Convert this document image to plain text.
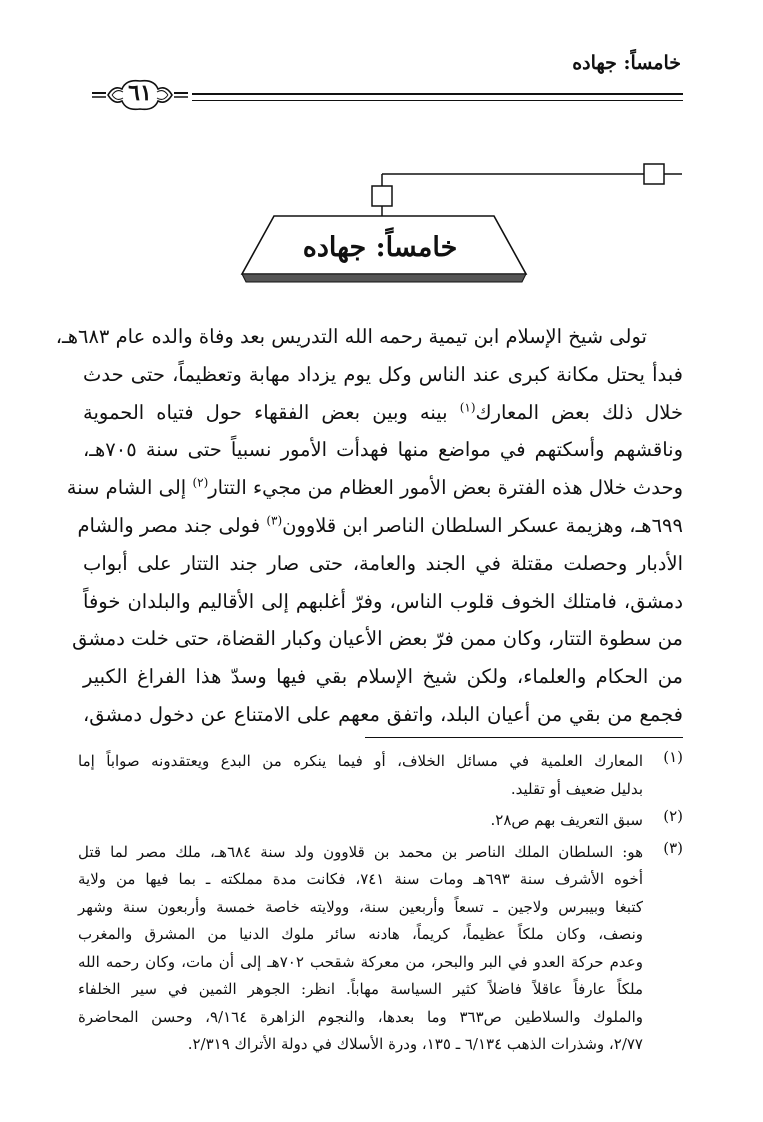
خامساً: جهاده
٦١
خامساً: جهاده
تولى شيخ الإسلام ابن تيمية رحمه الله التدريس بعد وفاة والده عام ٦٨٣هـ،
فبدأ يحتل مكانة كبرى عند الناس وكل يوم يزداد مهابة وتعظيماً، حتى حدث
خلال ذلك بعض المعارك$^{(١)}$ بينه وبين بعض الفقهاء حول فتياه الحموية
وناقشهم وأسكتهم في مواضع منها فهدأت الأمور نسبياً حتى سنة ٧٠٥هـ،
وحدث خلال هذه الفترة بعض الأمور العظام من مجيء التتار$^{(٢)}$ إلى الشام سنة
٦٩٩هـ، وهزيمة عسكر السلطان الناصر ابن قلاوون$^{(٣)}$ فولى جند مصر والشام
الأدبار وحصلت مقتلة في الجند والعامة، حتى صار جند التتار على أبواب
دمشق، فامتلك الخوف قلوب الناس، وفرّ أغلبهم إلى الأقاليم والبلدان خوفاً
من سطوة التتار، وكان ممن فرّ بعض الأعيان وكبار القضاة، حتى خلت دمشق
من الحكام والعلماء، ولكن شيخ الإسلام بقي فيها وسدّ هذا الفراغ الكبير
فجمع من بقي من أعيان البلد، واتفق معهم على الامتناع عن دخول دمشق،
(١)
المعارك العلمية في مسائل الخلاف، أو فيما ينكره من البدع ويعتقدونه صواباً إما
بدليل ضعيف أو تقليد.
(٢)
سبق التعريف بهم ص٢٨.
(٣)
هو: السلطان الملك الناصر بن محمد بن قلاوون ولد سنة ٦٨٤هـ، ملك مصر لما قتل
أخوه الأشرف سنة ٦٩٣هـ ومات سنة ٧٤١، فكانت مدة مملكته ـ بما فيها من ولاية
كتبغا وبيبرس ولاجين ـ تسعاً وأربعين سنة، وولايته خاصة خمسة وأربعون سنة وشهر
ونصف، وكان ملكاً عظيماً، كريماً، هادنه سائر ملوك الدنيا من المشرق والمغرب
وعدم حركة العدو في البر والبحر، من معركة شقحب ٧٠٢هـ إلى أن مات، وكان رحمه الله
ملكاً عارفاً عاقلاً فاضلاً كثير السياسة مهاباً. انظر: الجوهر الثمين في سير الخلفاء
والملوك والسلاطين ص٣٦٣ وما بعدها، والنجوم الزاهرة ٩/١٦٤، وحسن المحاضرة
٢/٧٧، وشذرات الذهب ٦/١٣٤ ـ ١٣٥، ودرة الأسلاك في دولة الأتراك ٢/٣١٩.
